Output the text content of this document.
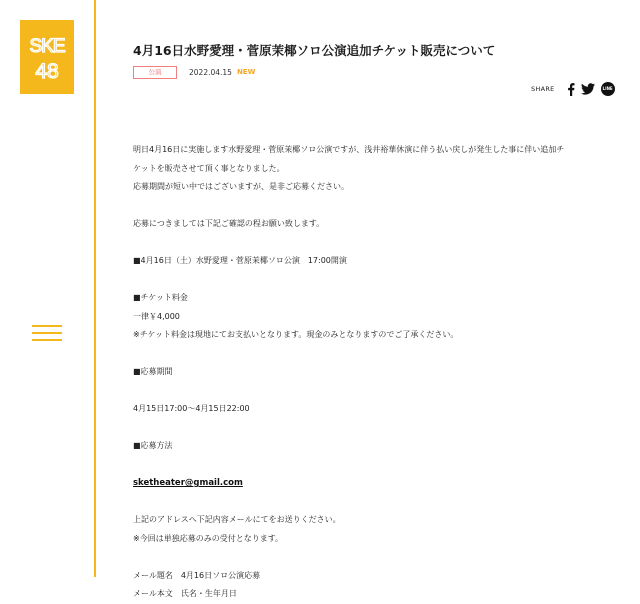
SKE
48
4月16日水野愛理・菅原茉椰ソロ公演追加チケット販売について
公演	2022.04.15 NEW
SHARE	LINE

明日4月16日に実施します水野愛理・菅原茉椰ソロ公演ですが、浅井裕華休演に伴う払い戻しが発生した事に伴い追加チ

ケットを販売させて頂く事となりました。

応募期間が短い中ではございますが、是非ご応募ください。

応募につきましては下記ご確認の程お願い致します。

■4月16日（土）水野愛理・菅原茉椰ソロ公演　17:00開演

■チケット料金

一律￥4,000

※チケット料金は現地にてお支払いとなります。現金のみとなりますのでご了承ください。

■応募期間

4月15日17:00～4月15日22:00

■応募方法

sketheater@gmail.com

上記のアドレスへ下記内容メールにてをお送りください。

※今回は単独応募のみの受付となります。

メール題名　4月16日ソロ公演応募

メール本文　氏名・生年月日
